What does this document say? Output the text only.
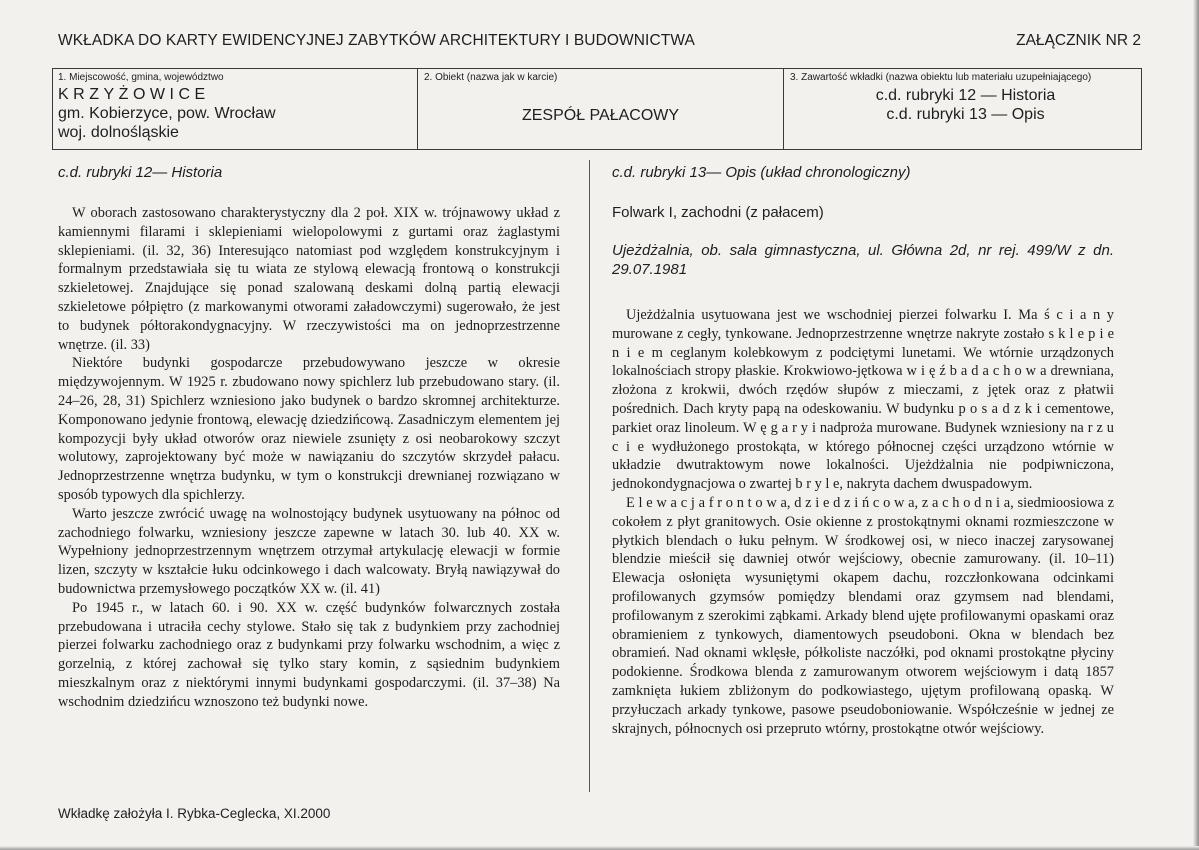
WKŁADKA DO KARTY EWIDENCYJNEJ ZABYTKÓW ARCHITEKTURY I BUDOWNICTWA	ZAŁĄCZNIK NR 2
1. Miejscowość, gmina, województwo
KRZYŻOWICE
gm. Kobierzyce, pow. Wrocław
woj. dolnośląskie
2. Obiekt (nazwa jak w karcie)
ZESPÓŁ PAŁACOWY
3. Zawartość wkładki (nazwa obiektu lub materiału uzupełniającego)
c.d. rubryki 12 — Historia
c.d. rubryki 13 — Opis
c.d. rubryki 12— Historia

W oborach zastosowano charakterystyczny dla 2 poł. XIX w. trójnawowy układ z kamiennymi filarami i sklepieniami wielopolowymi z gurtami oraz żaglastymi sklepieniami. (il. 32, 36) Interesująco natomiast pod względem konstrukcyjnym i formalnym przedstawiała się tu wiata ze stylową elewacją frontową o konstrukcji szkieletowej. Znajdujące się ponad szalowaną deskami dolną partią elewacji szkieletowe półpiętro (z markowanymi otworami załadowczymi) sugerowało, że jest to budynek półtorakondygnacyjny. W rzeczywistości ma on jednoprzestrzenne wnętrze. (il. 33)

Niektóre budynki gospodarcze przebudowywano jeszcze w okresie międzywojennym. W 1925 r. zbudowano nowy spichlerz lub przebudowano stary. (il. 24–26, 28, 31) Spichlerz wzniesiono jako budynek o bardzo skromnej architekturze. Komponowano jedynie frontową, elewację dziedzińcową. Zasadniczym elementem jej kompozycji były układ otworów oraz niewiele zsunięty z osi neobarokowy szczyt wolutowy, zaprojektowany być może w nawiązaniu do szczytów skrzydeł pałacu. Jednoprzestrzenne wnętrza budynku, w tym o konstrukcji drewnianej rozwiązano w sposób typowych dla spichlerzy.

Warto jeszcze zwrócić uwagę na wolnostojący budynek usytuowany na północ od zachodniego folwarku, wzniesiony jeszcze zapewne w latach 30. lub 40. XX w. Wypełniony jednoprzestrzennym wnętrzem otrzymał artykulację elewacji w formie lizen, szczyty w kształcie łuku odcinkowego i dach walcowaty. Bryłą nawiązywał do budownictwa przemysłowego początków XX w. (il. 41)

Po 1945 r., w latach 60. i 90. XX w. część budynków folwarcznych została przebudowana i utraciła cechy stylowe. Stało się tak z budynkiem przy zachodniej pierzei folwarku zachodniego oraz z budynkami przy folwarku wschodnim, a więc z gorzelnią, z której zachował się tylko stary komin, z sąsiednim budynkiem mieszkalnym oraz z niektórymi innymi budynkami gospodarczymi. (il. 37–38) Na wschodnim dziedzińcu wznoszono też budynki nowe.

c.d. rubryki 13— Opis (układ chronologiczny)
Folwark I, zachodni (z pałacem)
Ujeżdżalnia, ob. sala gimnastyczna, ul. Główna 2d, nr rej. 499/W z dn. 29.07.1981

Ujeżdżalnia usytuowana jest we wschodniej pierzei folwarku I. Ma ś c i a n y murowane z cegły, tynkowane. Jednoprzestrzenne wnętrze nakryte zostało s k l e p i e n i e m ceglanym kolebkowym z podciętymi lunetami. We wtórnie urządzonych lokalnościach stropy płaskie. Krokwiowo-jętkowa w i ę ź b a d a c h o w a drewniana, złożona z krokwii, dwóch rzędów słupów z mieczami, z jętek oraz z płatwii pośrednich. Dach kryty papą na odeskowaniu. W budynku p o s a d z k i cementowe, parkiet oraz linoleum. W ę g a r y i nadproża murowane. Budynek wzniesiony na r z u c i e wydłużonego prostokąta, w którego północnej części urządzono wtórnie w układzie dwutraktowym nowe lokalności. Ujeżdżalnia nie podpiwniczona, jednokondygnacjowa o zwartej b r y l e, nakryta dachem dwuspadowym.

E l e w a c j a f r o n t o w a, d z i e d z i ń c o w a, z a c h o d n i a, siedmioosiowa z cokołem z płyt granitowych. Osie okienne z prostokątnymi oknami rozmieszczone w płytkich blendach o łuku pełnym. W środkowej osi, w nieco inaczej zarysowanej blendzie mieścił się dawniej otwór wejściowy, obecnie zamurowany. (il. 10–11) Elewacja osłonięta wysuniętymi okapem dachu, rozczłonkowana odcinkami profilowanych gzymsów pomiędzy blendami oraz gzymsem nad blendami, profilowanym z szerokimi ząbkami. Arkady blend ujęte profilowanymi opaskami oraz obramieniem z tynkowych, diamentowych pseudoboni. Okna w blendach bez obramień. Nad oknami wklęsłe, półkoliste naczółki, pod oknami prostokątne płyciny podokienne. Środkowa blenda z zamurowanym otworem wejściowym i datą 1857 zamknięta łukiem zbliżonym do podkowiastego, ujętym profilowaną opaską. W przyłuczach arkady tynkowe, pasowe pseudoboniowanie. Współcześnie w jednej ze skrajnych, północnych osi przepruto wtórny, prostokątne otwór wejściowy.

Wkładkę założyła I. Rybka-Ceglecka, XI.2000
